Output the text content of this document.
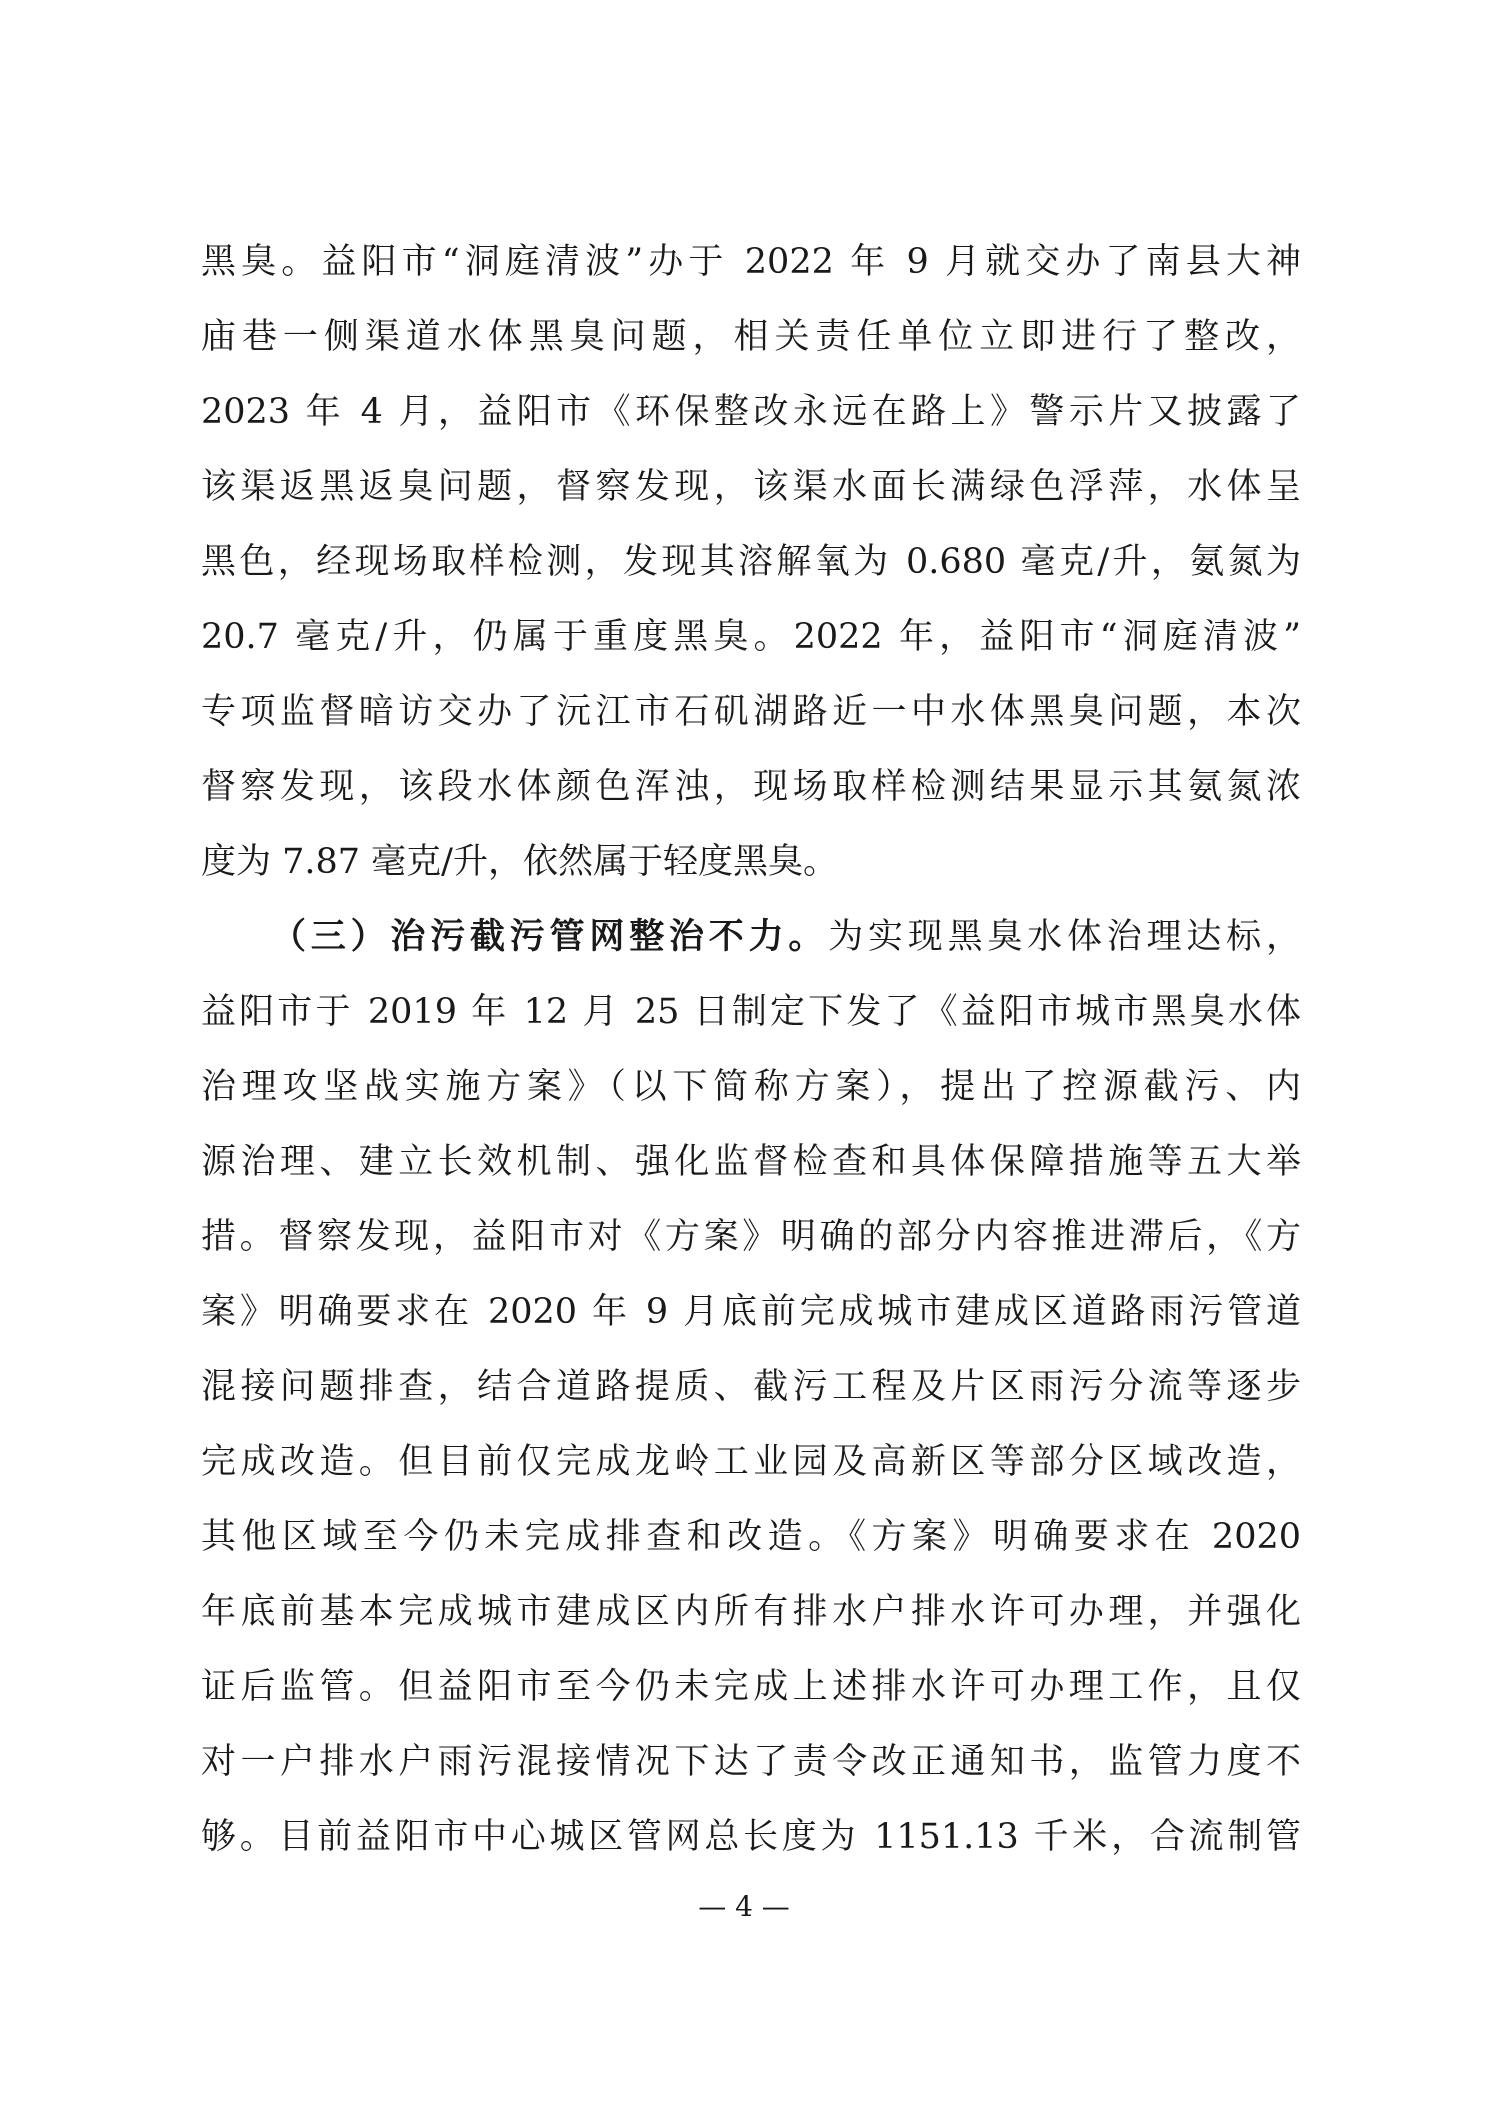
黑臭。益阳市“洞庭清波”办于 2022 年 9 月就交办了南县大神
庙巷一侧渠道水体黑臭问题，相关责任单位立即进行了整改，
2023 年 4 月，益阳市《环保整改永远在路上》警示片又披露了
该渠返黑返臭问题，督察发现，该渠水面长满绿色浮萍，水体呈
黑色，经现场取样检测，发现其溶解氧为 0.680 毫克/升，氨氮为
20.7 毫克/升，仍属于重度黑臭。2022 年，益阳市“洞庭清波”
专项监督暗访交办了沅江市石矶湖路近一中水体黑臭问题，本次
督察发现，该段水体颜色浑浊，现场取样检测结果显示其氨氮浓
度为 7.87 毫克/升，依然属于轻度黑臭。
（三）治污截污管网整治不力。为实现黑臭水体治理达标，
益阳市于 2019 年 12 月 25 日制定下发了《益阳市城市黑臭水体
治理攻坚战实施方案》（以下简称方案），提出了控源截污、内
源治理、建立长效机制、强化监督检查和具体保障措施等五大举
措。督察发现，益阳市对《方案》明确的部分内容推进滞后，《方
案》明确要求在 2020 年 9 月底前完成城市建成区道路雨污管道
混接问题排查，结合道路提质、截污工程及片区雨污分流等逐步
完成改造。但目前仅完成龙岭工业园及高新区等部分区域改造，
其他区域至今仍未完成排查和改造。《方案》明确要求在 2020
年底前基本完成城市建成区内所有排水户排水许可办理，并强化
证后监管。但益阳市至今仍未完成上述排水许可办理工作，且仅
对一户排水户雨污混接情况下达了责令改正通知书，监管力度不
够。目前益阳市中心城区管网总长度为 1151.13 千米，合流制管
— 4 —
